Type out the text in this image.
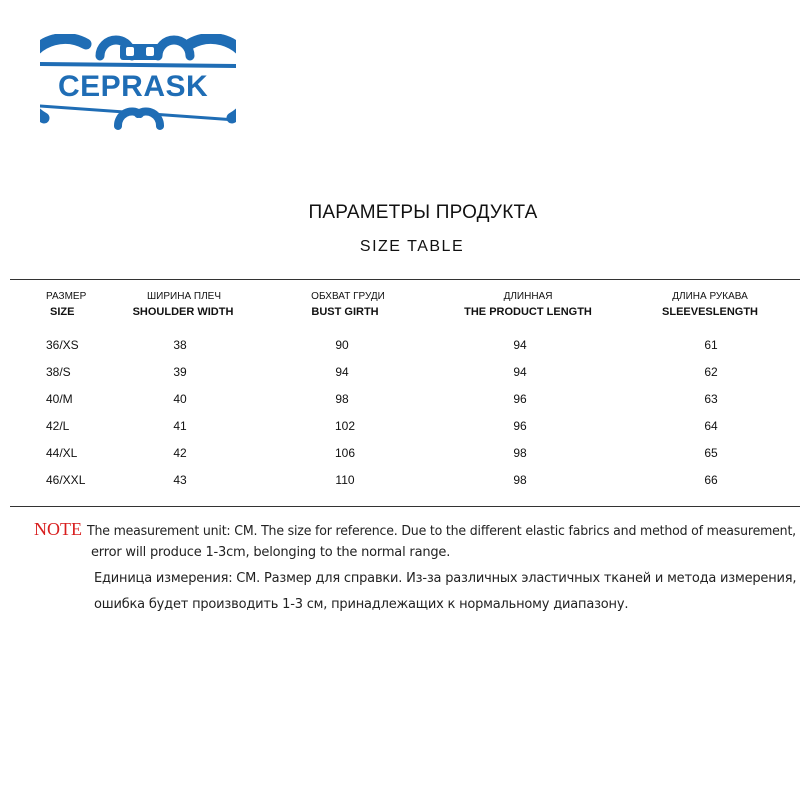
CEPRASK
ПАРАМЕТРЫ ПРОДУКТА
SIZE TABLE
РАЗМЕР
SIZE
ШИРИНА ПЛЕЧ
SHOULDER WIDTH
ОБХВАТ ГРУДИ
BUST GIRTH
ДЛИННАЯ
THE PRODUCT LENGTH
ДЛИНА РУКАВА
SLEEVESLENGTH
36/XS	38	90	94	61
38/S	39	94	94	62
40/M	40	98	96	63
42/L	41	102	96	64
44/XL	42	106	98	65
46/XXL	43	110	98	66
NOTE The measurement unit: CM. The size for reference. Due to the different elastic fabrics and method of measurement,
error will produce 1-3cm, belonging to the normal range.
Единица измерения: CM. Размер для справки. Из-за различных эластичных тканей и метода измерения,
ошибка будет производить 1-3 см, принадлежащих к нормальному диапазону.
